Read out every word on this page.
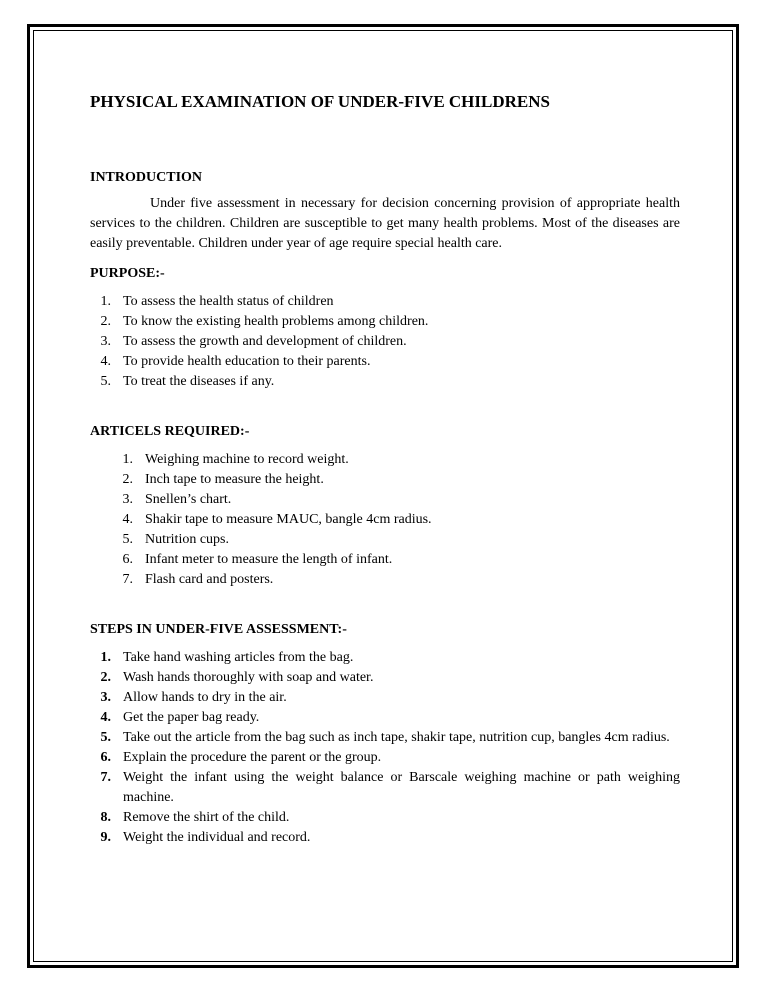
PHYSICAL EXAMINATION OF UNDER-FIVE CHILDRENS
INTRODUCTION

Under five assessment in necessary for decision concerning provision of appropriate health services to the children. Children are susceptible to get many health problems. Most of the diseases are easily preventable. Children under year of age require special health care.

PURPOSE:-
1. To assess the health status of children
2. To know the existing health problems among children.
3. To assess the growth and development of children.
4. To provide health education to their parents.
5. To treat the diseases if any.
ARTICELS REQUIRED:-
1. Weighing machine to record weight.
2. Inch tape to measure the height.
3. Snellen’s chart.
4. Shakir tape to measure MAUC, bangle 4cm radius.
5. Nutrition cups.
6. Infant meter to measure the length of infant.
7. Flash card and posters.
STEPS IN UNDER-FIVE ASSESSMENT:-
1. Take hand washing articles from the bag.
2. Wash hands thoroughly with soap and water.
3. Allow hands to dry in the air.
4. Get the paper bag ready.
5. Take out the article from the bag such as inch tape, shakir tape, nutrition cup, bangles 4cm radius.
6. Explain the procedure the parent or the group.
7. Weight the infant using the weight balance or Barscale weighing machine or path weighing machine.
8. Remove the shirt of the child.
9. Weight the individual and record.
